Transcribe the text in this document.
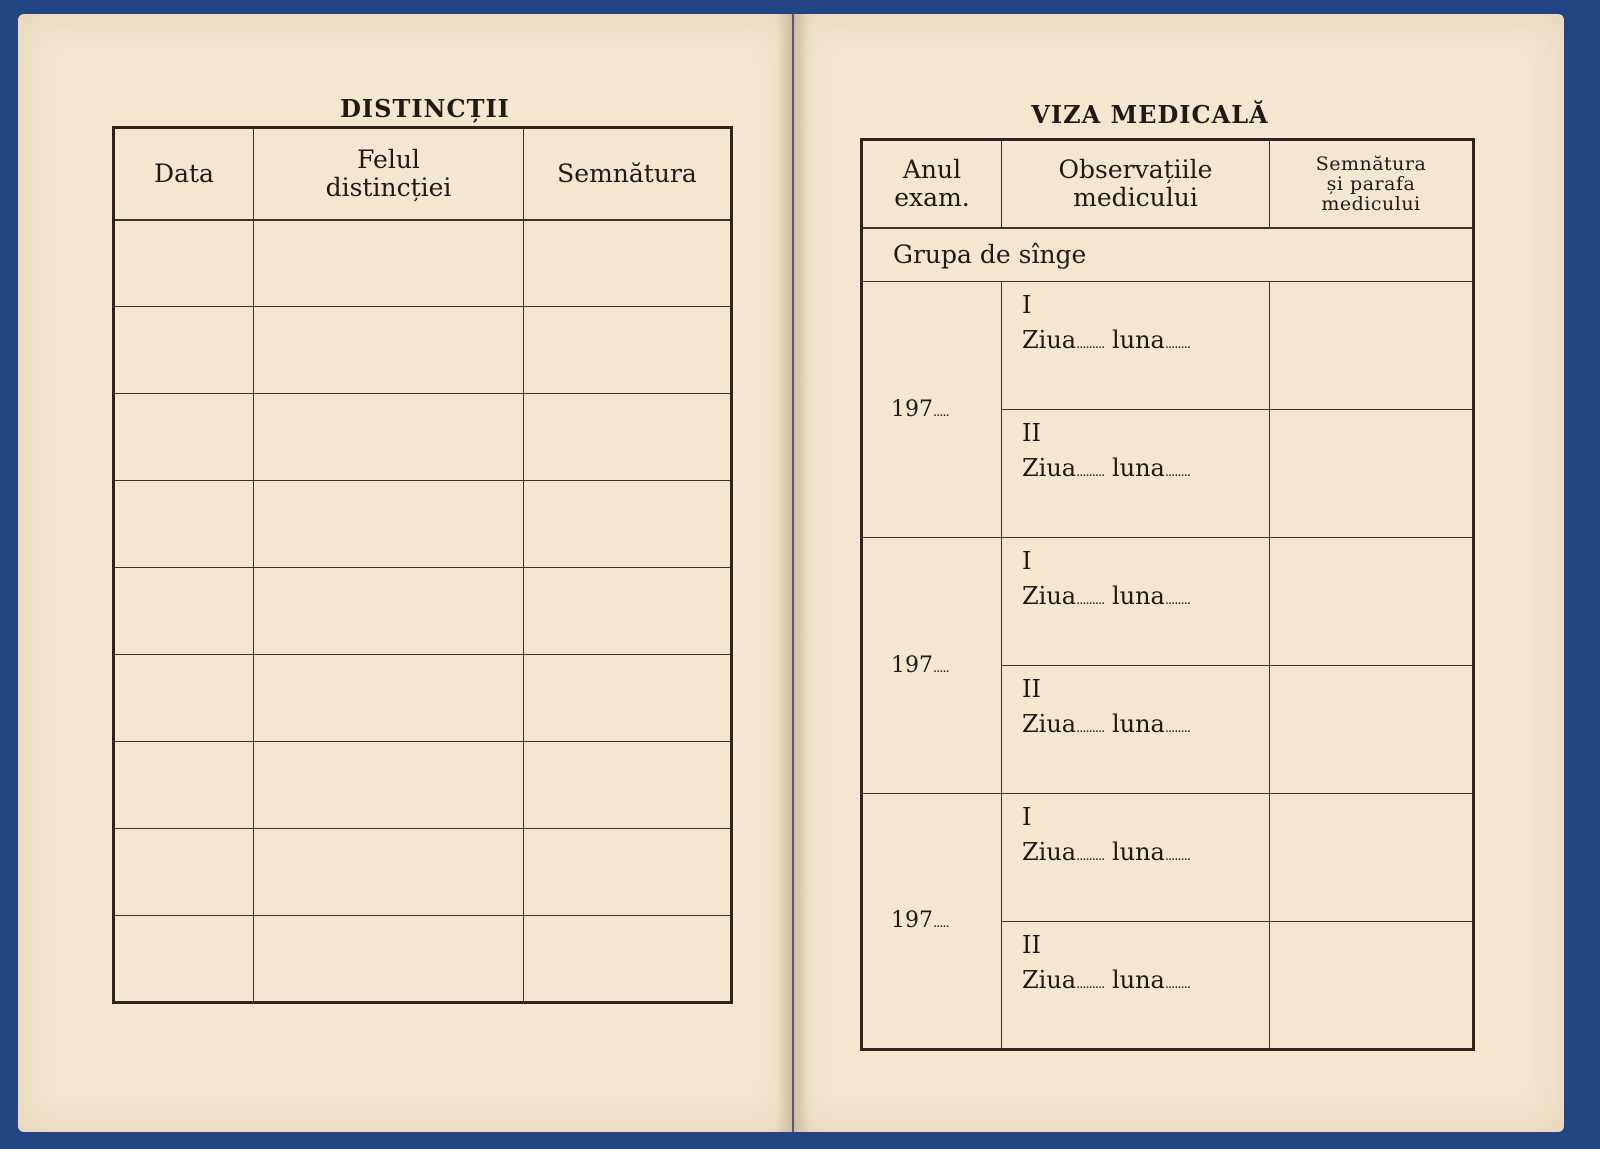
DISTINCȚII
Data	Felul distincției	Semnătura

VIZA MEDICALĂ
Anul exam.	Observațiile medicului	Semnătura și parafa medicului
Grupa de sînge		
197.....	I
Ziua......... luna........	

	II
Ziua......... luna........	

197.....	I
Ziua......... luna........	

	II
Ziua......... luna........	

197.....	I
Ziua......... luna........	

	II
Ziua......... luna........	
